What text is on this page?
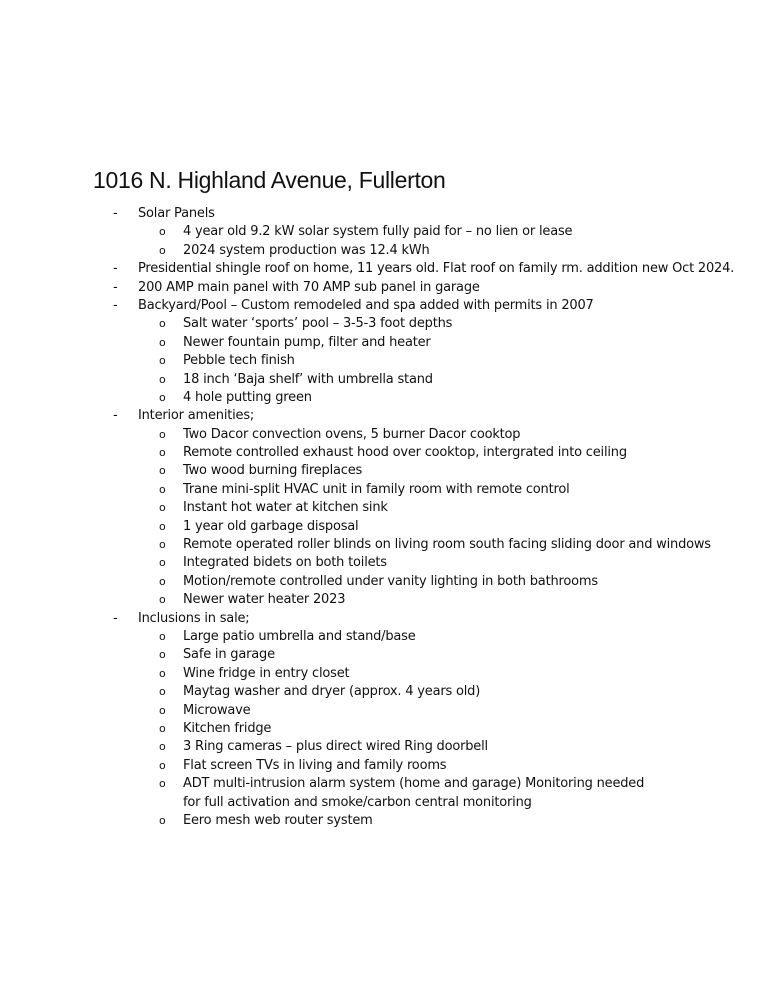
1016 N. Highland Avenue, Fullerton
- Solar Panels
o 4 year old 9.2 kW solar system fully paid for – no lien or lease
o 2024 system production was 12.4 kWh
- Presidential shingle roof on home, 11 years old. Flat roof on family rm. addition new Oct 2024.
- 200 AMP main panel with 70 AMP sub panel in garage
- Backyard/Pool – Custom remodeled and spa added with permits in 2007
o Salt water ‘sports’ pool – 3-5-3 foot depths
o Newer fountain pump, filter and heater
o Pebble tech finish
o 18 inch ‘Baja shelf’ with umbrella stand
o 4 hole putting green
- Interior amenities;
o Two Dacor convection ovens, 5 burner Dacor cooktop
o Remote controlled exhaust hood over cooktop, intergrated into ceiling
o Two wood burning fireplaces
o Trane mini-split HVAC unit in family room with remote control
o Instant hot water at kitchen sink
o 1 year old garbage disposal
o Remote operated roller blinds on living room south facing sliding door and windows
o Integrated bidets on both toilets
o Motion/remote controlled under vanity lighting in both bathrooms
o Newer water heater 2023
- Inclusions in sale;
o Large patio umbrella and stand/base
o Safe in garage
o Wine fridge in entry closet
o Maytag washer and dryer (approx. 4 years old)
o Microwave
o Kitchen fridge
o 3 Ring cameras – plus direct wired Ring doorbell
o Flat screen TVs in living and family rooms
o ADT multi-intrusion alarm system (home and garage) Monitoring needed for full activation and smoke/carbon central monitoring
o Eero mesh web router system
